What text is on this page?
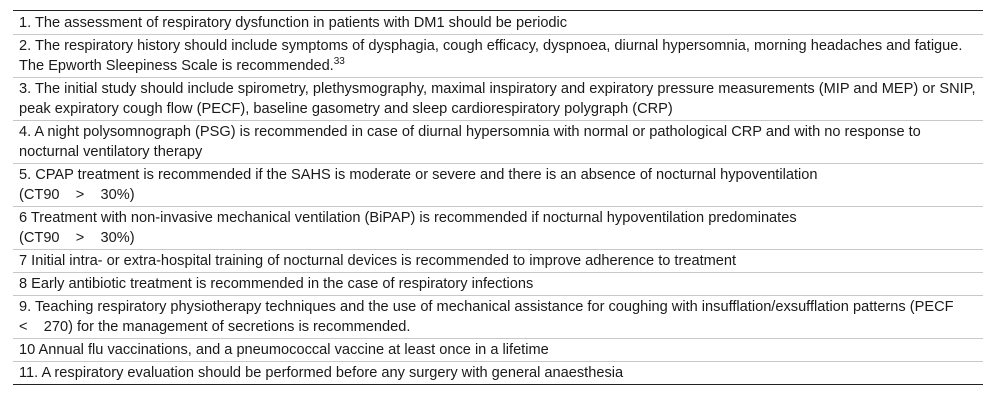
1. The assessment of respiratory dysfunction in patients with DM1 should be periodic
2. The respiratory history should include symptoms of dysphagia, cough efficacy, dyspnoea, diurnal hypersomnia, morning headaches and fatigue. The Epworth Sleepiness Scale is recommended.$^{33}$
3. The initial study should include spirometry, plethysmography, maximal inspiratory and expiratory pressure measurements (MIP and MEP) or SNIP, peak expiratory cough flow (PECF), baseline gasometry and sleep cardiorespiratory polygraph (CRP)
4. A night polysomnograph (PSG) is recommended in case of diurnal hypersomnia with normal or pathological CRP and with no response to nocturnal ventilatory therapy
5. CPAP treatment is recommended if the SAHS is moderate or severe and there is an absence of nocturnal hypoventilation
(CT90    >    30%)
6 Treatment with non-invasive mechanical ventilation (BiPAP) is recommended if nocturnal hypoventilation predominates
(CT90    >    30%)
7 Initial intra- or extra-hospital training of nocturnal devices is recommended to improve adherence to treatment
8 Early antibiotic treatment is recommended in the case of respiratory infections
9. Teaching respiratory physiotherapy techniques and the use of mechanical assistance for coughing with insufflation/exsufflation patterns (PECF    <    270) for the management of secretions is recommended.
10 Annual flu vaccinations, and a pneumococcal vaccine at least once in a lifetime
11. A respiratory evaluation should be performed before any surgery with general anaesthesia
